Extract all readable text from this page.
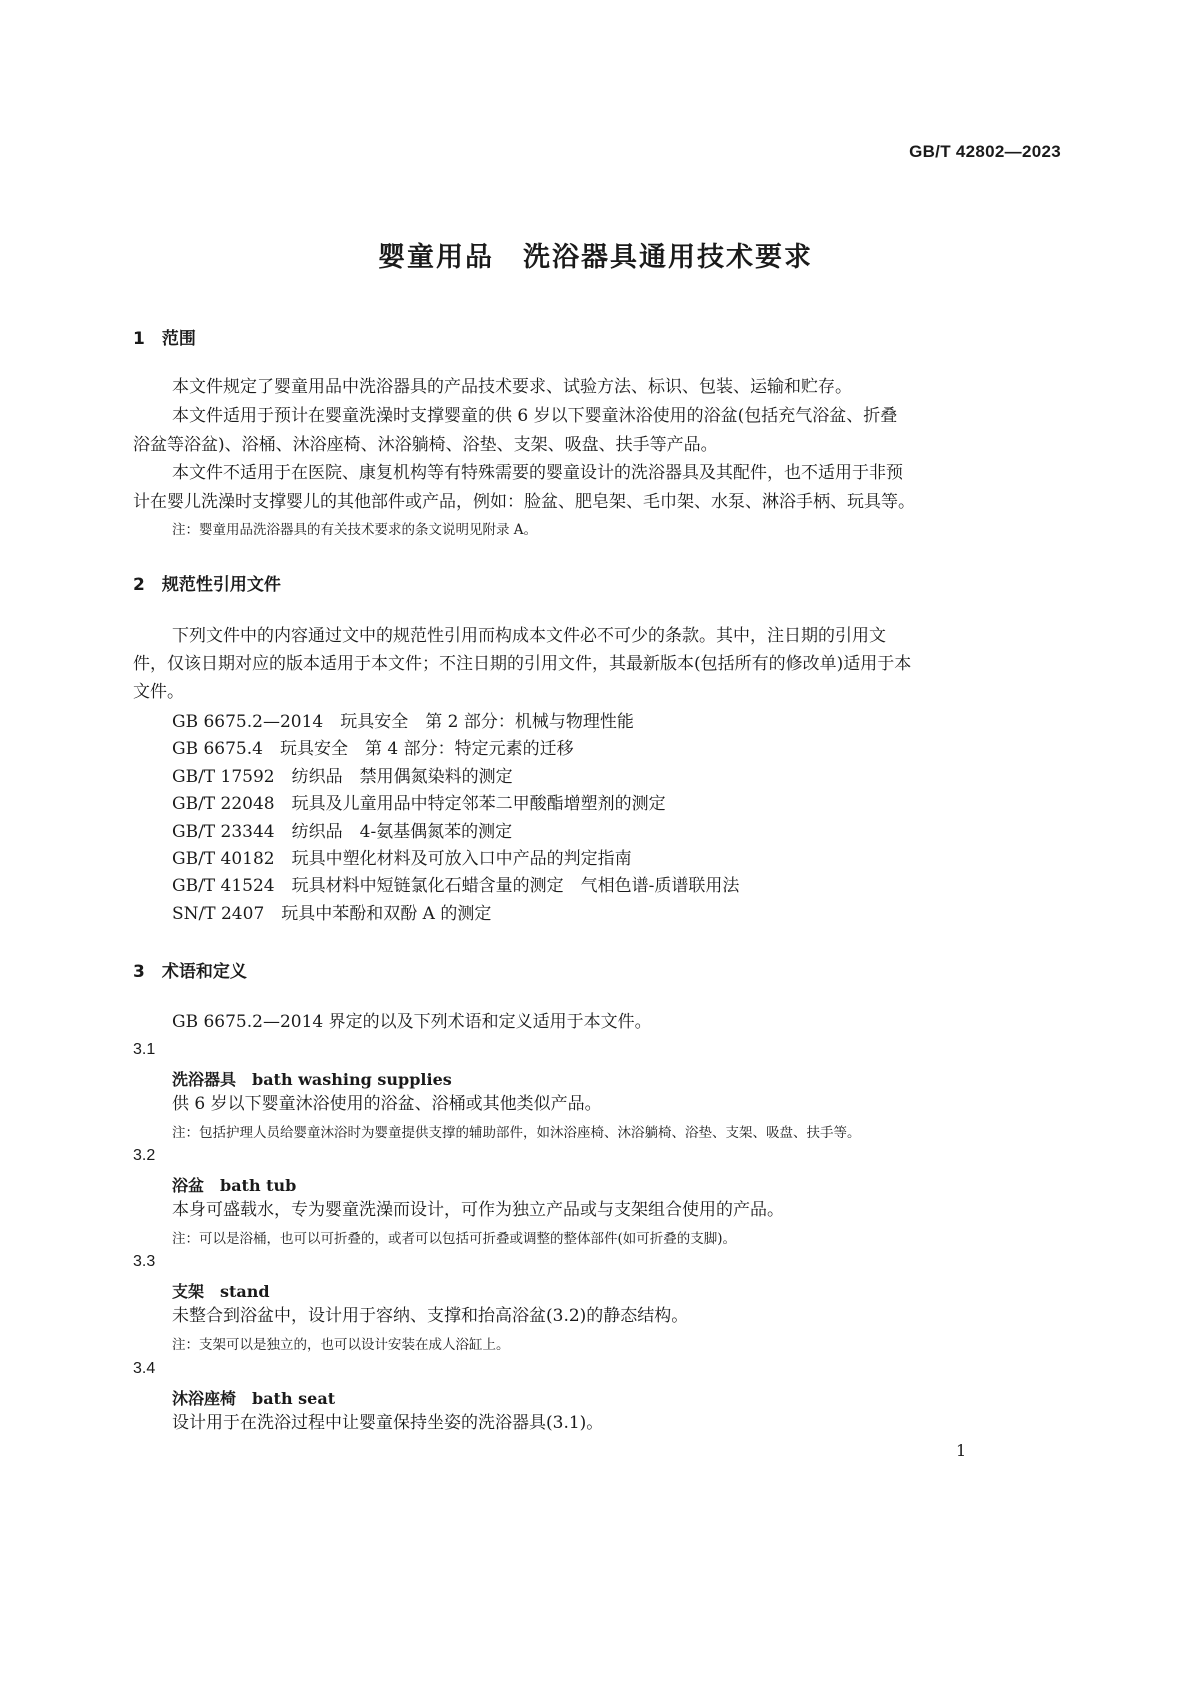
GB/T 42802—2023
婴童用品　洗浴器具通用技术要求
1　范围
本文件规定了婴童用品中洗浴器具的产品技术要求、试验方法、标识、包装、运输和贮存。
本文件适用于预计在婴童洗澡时支撑婴童的供 6 岁以下婴童沐浴使用的浴盆(包括充气浴盆、折叠
浴盆等浴盆)、浴桶、沐浴座椅、沐浴躺椅、浴垫、支架、吸盘、扶手等产品。
本文件不适用于在医院、康复机构等有特殊需要的婴童设计的洗浴器具及其配件，也不适用于非预
计在婴儿洗澡时支撑婴儿的其他部件或产品，例如：脸盆、肥皂架、毛巾架、水泵、淋浴手柄、玩具等。
注：婴童用品洗浴器具的有关技术要求的条文说明见附录 A。
2　规范性引用文件
下列文件中的内容通过文中的规范性引用而构成本文件必不可少的条款。其中，注日期的引用文
件，仅该日期对应的版本适用于本文件；不注日期的引用文件，其最新版本(包括所有的修改单)适用于本
文件。
GB 6675.2—2014　玩具安全　第 2 部分：机械与物理性能
GB 6675.4　玩具安全　第 4 部分：特定元素的迁移
GB/T 17592　纺织品　禁用偶氮染料的测定
GB/T 22048　玩具及儿童用品中特定邻苯二甲酸酯增塑剂的测定
GB/T 23344　纺织品　4-氨基偶氮苯的测定
GB/T 40182　玩具中塑化材料及可放入口中产品的判定指南
GB/T 41524　玩具材料中短链氯化石蜡含量的测定　气相色谱-质谱联用法
SN/T 2407　玩具中苯酚和双酚 A 的测定
3　术语和定义
GB 6675.2—2014 界定的以及下列术语和定义适用于本文件。
3.1
洗浴器具　bath washing supplies
供 6 岁以下婴童沐浴使用的浴盆、浴桶或其他类似产品。
注：包括护理人员给婴童沐浴时为婴童提供支撑的辅助部件，如沐浴座椅、沐浴躺椅、浴垫、支架、吸盘、扶手等。
3.2
浴盆　bath tub
本身可盛载水，专为婴童洗澡而设计，可作为独立产品或与支架组合使用的产品。
注：可以是浴桶，也可以可折叠的，或者可以包括可折叠或调整的整体部件(如可折叠的支脚)。
3.3
支架　stand
未整合到浴盆中，设计用于容纳、支撑和抬高浴盆(3.2)的静态结构。
注：支架可以是独立的，也可以设计安装在成人浴缸上。
3.4
沐浴座椅　bath seat
设计用于在洗浴过程中让婴童保持坐姿的洗浴器具(3.1)。
1
